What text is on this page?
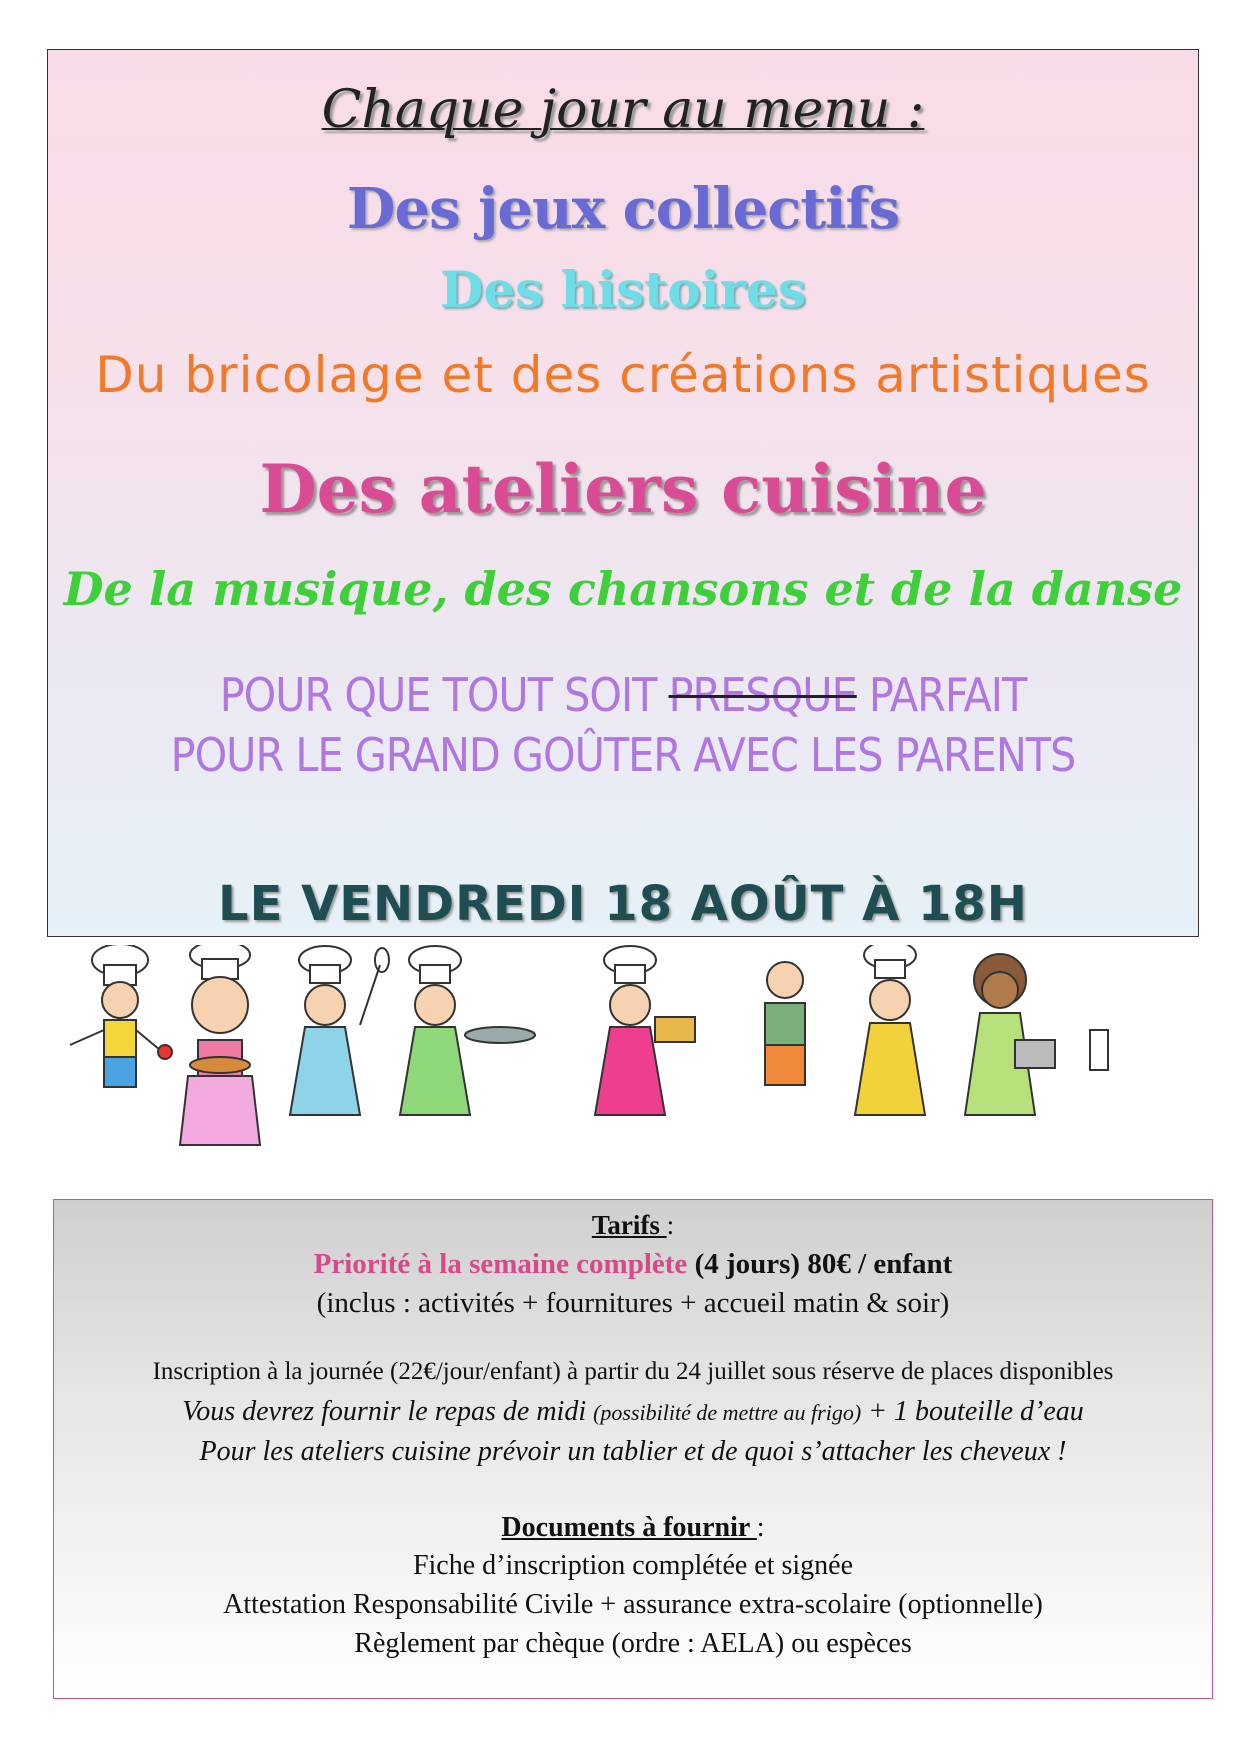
Chaque jour au menu :
Des jeux collectifs
Des histoires
Du bricolage et des créations artistiques
Des ateliers cuisine
De la musique, des chansons et de la danse
POUR QUE TOUT SOIT PRESQUE PARFAIT
POUR LE GRAND GOÛTER AVEC LES PARENTS
LE VENDREDI 18 AOÛT À 18H
Tarifs :
Priorité à la semaine complète (4 jours) 80€ / enfant
(inclus : activités + fournitures + accueil matin & soir)
Inscription à la journée (22€/jour/enfant) à partir du 24 juillet sous réserve de places disponibles
Vous devrez fournir le repas de midi (possibilité de mettre au frigo) + 1 bouteille d’eau
Pour les ateliers cuisine prévoir un tablier et de quoi s’attacher les cheveux !
Documents à fournir :
Fiche d’inscription complétée et signée
Attestation Responsabilité Civile + assurance extra-scolaire (optionnelle)
Règlement par chèque (ordre : AELA) ou espèces
